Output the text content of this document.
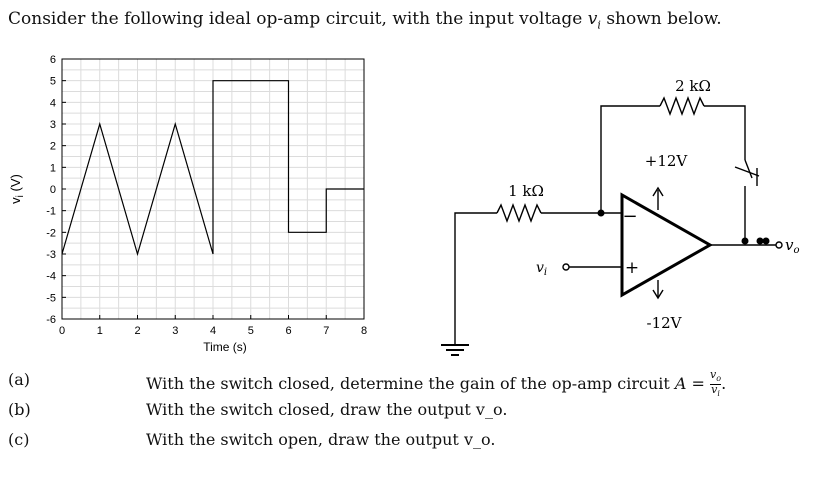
Consider the following ideal op-amp circuit, with the input voltage $v_i$ shown below.
6
5
4
3
2
1
0
-1
-2
-3
-4
-5
-6
0	1	2	3	4	5	6	7	8
Time (s)
$v_i$ (V)
2 kΩ
1 kΩ
+12V
-12V
−
+
$v_i$
$v_o$
(a)	With the switch closed, determine the gain of the op-amp circuit $A = \frac{v_o}{v_i}$ .
(b)	With the switch closed, draw the output v_o.
(c)	With the switch open, draw the output v_o.
